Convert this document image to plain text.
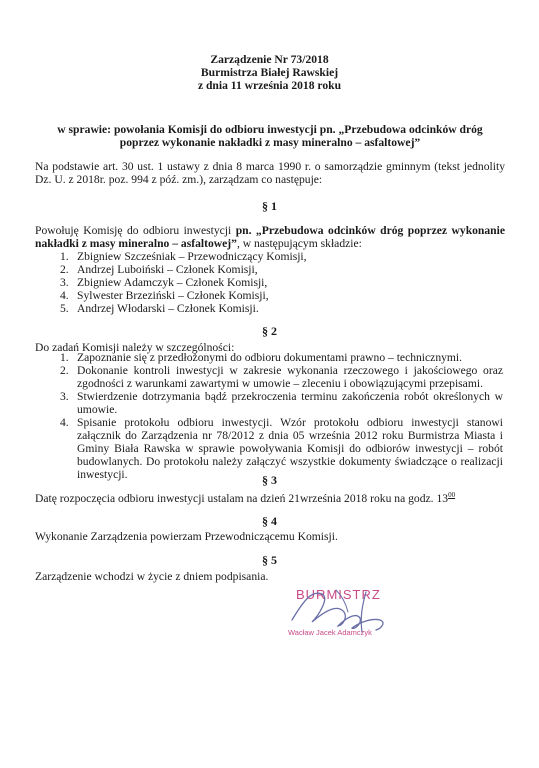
Zarządzenie Nr 73/2018
Burmistrza Białej Rawskiej
z dnia 11 września 2018 roku
w sprawie: powołania Komisji do odbioru inwestycji pn. „Przebudowa odcinków dróg
poprzez wykonanie nakładki z masy mineralno – asfaltowej”
Na podstawie art. 30 ust. 1 ustawy z dnia 8 marca 1990 r. o samorządzie gminnym (tekst jednolity Dz. U. z 2018r. poz. 994 z póź. zm.), zarządzam co następuje:
§ 1
Powołuję Komisję do odbioru inwestycji pn. „Przebudowa odcinków dróg poprzez wykonanie nakładki z masy mineralno – asfaltowej”, w następującym składzie:
1. Zbigniew Szcześniak – Przewodniczący Komisji,
2. Andrzej Luboiński – Członek Komisji,
3. Zbigniew Adamczyk – Członek Komisji,
4. Sylwester Brzeziński – Członek Komisji,
5. Andrzej Włodarski – Członek Komisji.
§ 2
Do zadań Komisji należy w szczególności:
1. Zapoznanie się z przedłożonymi do odbioru dokumentami prawno – technicznymi.
2. Dokonanie kontroli inwestycji w zakresie wykonania rzeczowego i jakościowego oraz zgodności z warunkami zawartymi w umowie – zleceniu i obowiązującymi przepisami.
3. Stwierdzenie dotrzymania bądź przekroczenia terminu zakończenia robót określonych w umowie.
4. Spisanie protokołu odbioru inwestycji. Wzór protokołu odbioru inwestycji stanowi załącznik do Zarządzenia nr 78/2012 z dnia 05 września 2012 roku Burmistrza Miasta i Gminy Biała Rawska w sprawie powoływania Komisji do odbiorów inwestycji – robót budowlanych. Do protokołu należy załączyć wszystkie dokumenty świadczące o realizacji inwestycji.	§ 3
Datę rozpoczęcia odbioru inwestycji ustalam na dzień 21września 2018 roku na godz. $13^{00}$
§ 4
Wykonanie Zarządzenia powierzam Przewodniczącemu Komisji.
§ 5
Zarządzenie wchodzi w życie z dniem podpisania.
BURMISTRZ
Wacław Jacek Adamczyk
